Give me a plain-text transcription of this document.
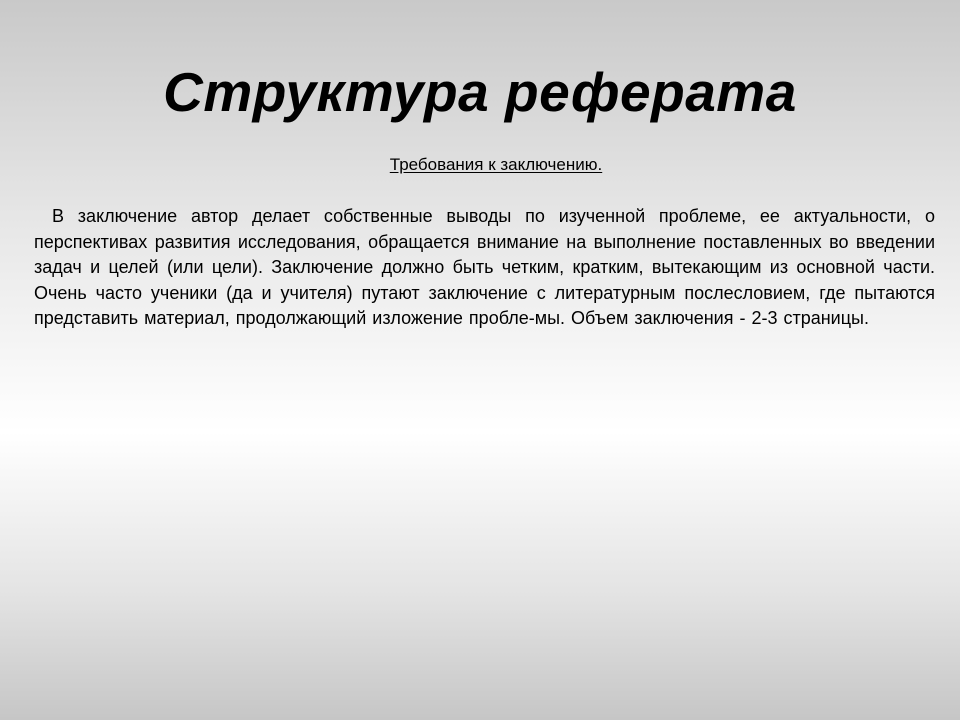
Структура реферата
Требования к заключению.

В заключение автор делает собственные выводы по изученной проблеме, ее актуальности, о перспективах развития исследования, обращается внимание на выполнение поставленных во введении задач и целей (или цели). Заключение должно быть четким, кратким, вытекающим из основной части. Очень часто ученики (да и учителя) путают заключение с литературным послесловием, где пытаются представить материал, продолжающий изложение пробле-мы. Объем заключения - 2-3 страницы.
